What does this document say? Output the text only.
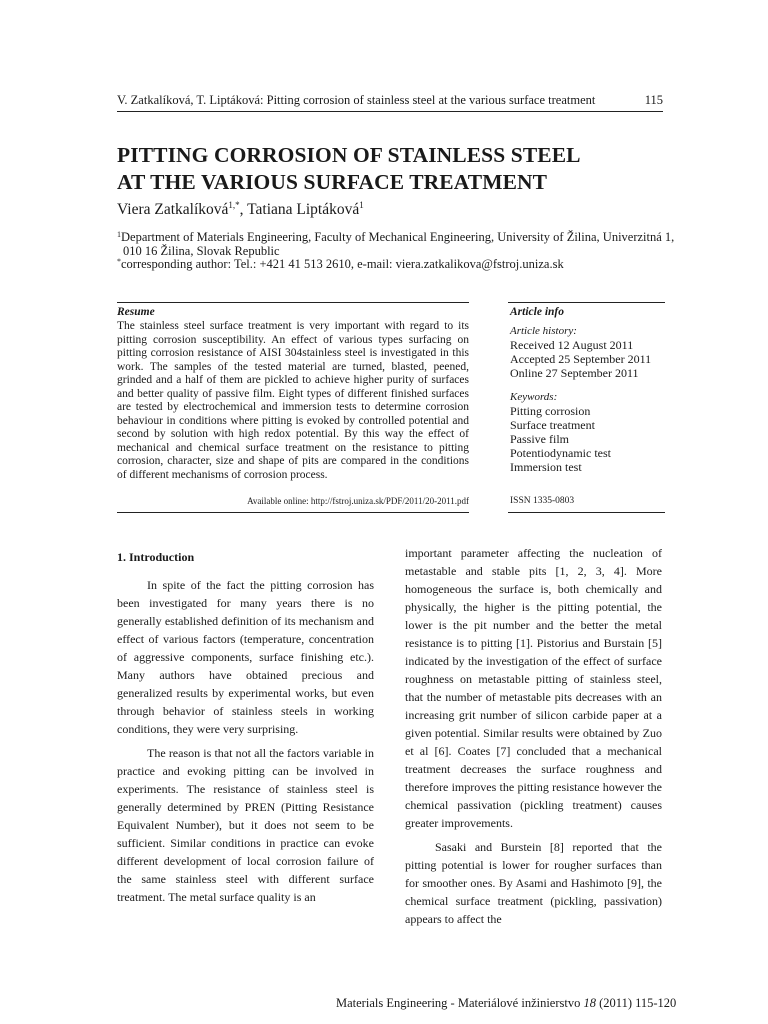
V. Zatkalíková, T. Liptáková: Pitting corrosion of stainless steel at the various surface treatment	115
PITTING CORROSION OF STAINLESS STEEL
AT THE VARIOUS SURFACE TREATMENT
Viera Zatkalíková$^{1,*}$, Tatiana Liptáková$^1$
$^1$Department of Materials Engineering, Faculty of Mechanical Engineering, University of Žilina, Univerzitná 1,
010 16 Žilina, Slovak Republic
*corresponding author: Tel.: +421 41 513 2610, e-mail: viera.zatkalikova@fstroj.uniza.sk
Resume
The stainless steel surface treatment is very important with regard to its pitting corrosion susceptibility. An effect of various types surfacing on pitting corrosion resistance of AISI 304stainless steel is investigated in this work. The samples of the tested material are turned, blasted, peened, grinded and a half of them are pickled to achieve higher purity of surfaces and better quality of passive film. Eight types of different finished surfaces are tested by electrochemical and immersion tests to determine corrosion behaviour in conditions where pitting is evoked by controlled potential and second by solution with high redox potential. By this way the effect of mechanical and chemical surface treatment on the resistance to pitting corrosion, character, size and shape of pits are compared in the conditions of different mechanisms of corrosion process.
Available online: http://fstroj.uniza.sk/PDF/2011/20-2011.pdf
Article info
Article history:
Received 12 August 2011
Accepted 25 September 2011
Online 27 September 2011
Keywords:
Pitting corrosion
Surface treatment
Passive film
Potentiodynamic test
Immersion test
ISSN 1335-0803

1. Introduction

In spite of the fact the pitting corrosion has been investigated for many years there is no generally established definition of its mechanism and effect of various factors (temperature, concentration of aggressive components, surface finishing etc.). Many authors have obtained precious and generalized results by experimental works, but even through behavior of stainless steels in working conditions, they were very surprising.

The reason is that not all the factors variable in practice and evoking pitting can be involved in experiments. The resistance of stainless steel is generally determined by PREN (Pitting Resistance Equivalent Number), but it does not seem to be sufficient. Similar conditions in practice can evoke different development of local corrosion failure of the same stainless steel with different surface treatment. The metal surface quality is an

important parameter affecting the nucleation of metastable and stable pits [1, 2, 3, 4]. More homogeneous the surface is, both chemically and physically, the higher is the pitting potential, the lower is the pit number and the better the metal resistance is to pitting [1]. Pistorius and Burstain [5] indicated by the investigation of the effect of surface roughness on metastable pitting of stainless steel, that the number of metastable pits decreases with an increasing grit number of silicon carbide paper at a given potential. Similar results were obtained by Zuo et al [6]. Coates [7] concluded that a mechanical treatment decreases the surface roughness and therefore improves the pitting resistance however the chemical passivation (pickling treatment) causes greater improvements.

Sasaki and Burstein [8] reported that the pitting potential is lower for rougher surfaces than for smoother ones. By Asami and Hashimoto [9], the chemical surface treatment (pickling, passivation) appears to affect the

Materials Engineering - Materiálové inžinierstvo 18 (2011) 115-120
